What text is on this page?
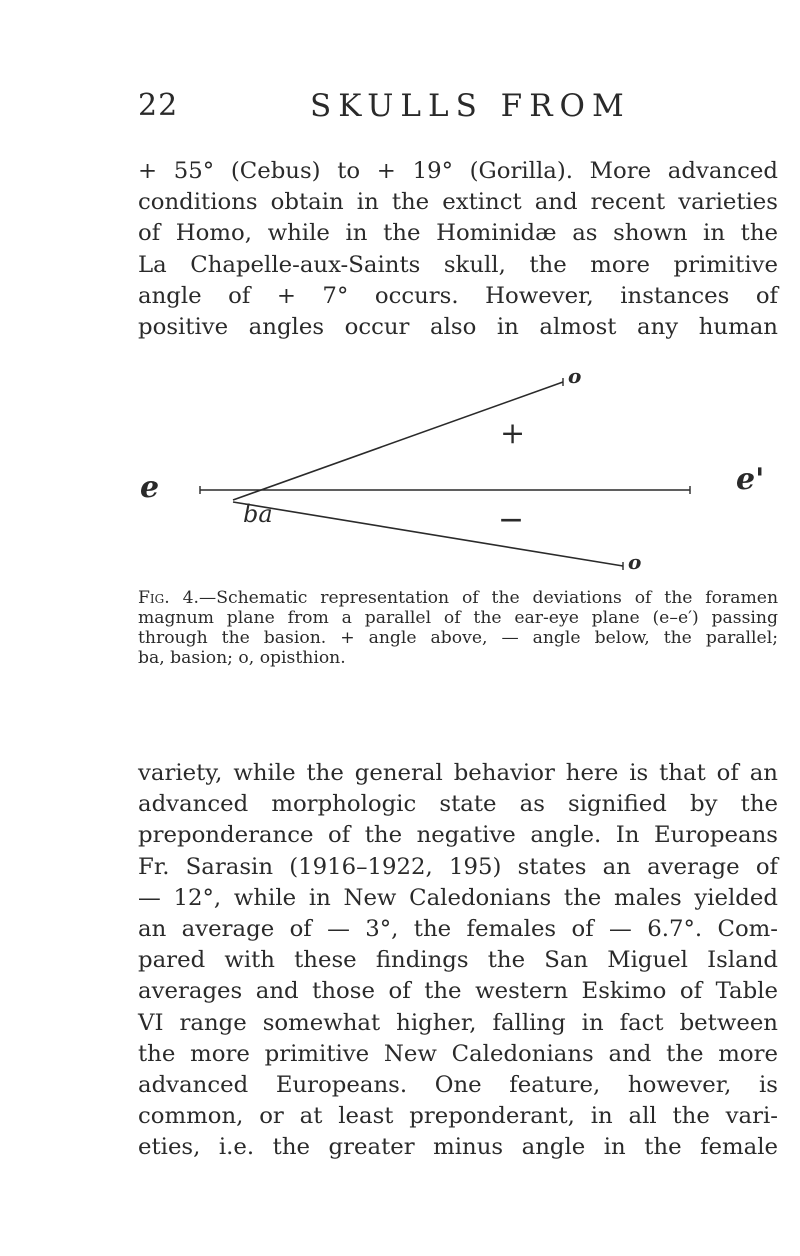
22	SKULLS FROM
+ 55° (Cebus) to + 19° (Gorilla). More advanced
conditions obtain in the extinct and recent varieties
of Homo, while in the Hominidæ as shown in the
La Chapelle-aux-Saints skull, the more primitive
angle of + 7° occurs. However, instances of
positive angles occur also in almost any human
e	e'
o
o
ba
+
—
Fig. 4.—Schematic representation of the deviations of the foramen
magnum plane from a parallel of the ear-eye plane (e–e′) passing
through the basion. + angle above, — angle below, the parallel;
ba, basion; o, opisthion.
variety, while the general behavior here is that of an
advanced morphologic state as signified by the
preponderance of the negative angle. In Europeans
Fr. Sarasin (1916–1922, 195) states an average of
— 12°, while in New Caledonians the males yielded
an average of — 3°, the females of — 6.7°. Com-
pared with these findings the San Miguel Island
averages and those of the western Eskimo of Table
VI range somewhat higher, falling in fact between
the more primitive New Caledonians and the more
advanced Europeans. One feature, however, is
common, or at least preponderant, in all the vari-
eties, i.e. the greater minus angle in the female
